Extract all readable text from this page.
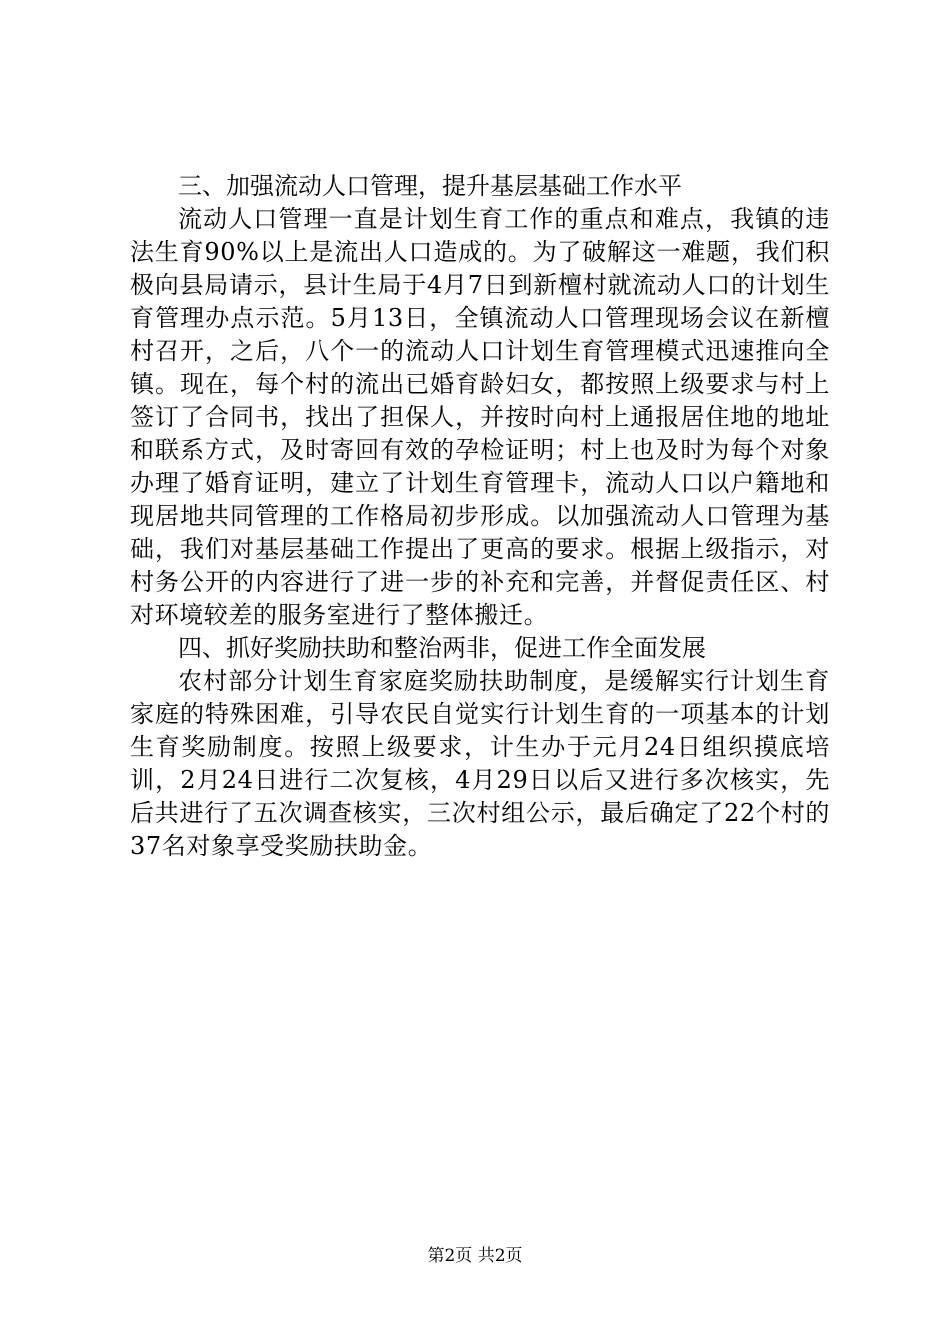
三、加强流动人口管理，提升基层基础工作水平

流动人口管理一直是计划生育工作的重点和难点，我镇的违法生育90%以上是流出人口造成的。为了破解这一难题，我们积极向县局请示，县计生局于4月7日到新檀村就流动人口的计划生育管理办点示范。5月13日，全镇流动人口管理现场会议在新檀村召开，之后，八个一的流动人口计划生育管理模式迅速推向全镇。现在，每个村的流出已婚育龄妇女，都按照上级要求与村上签订了合同书，找出了担保人，并按时向村上通报居住地的地址和联系方式，及时寄回有效的孕检证明；村上也及时为每个对象办理了婚育证明，建立了计划生育管理卡，流动人口以户籍地和现居地共同管理的工作格局初步形成。以加强流动人口管理为基础，我们对基层基础工作提出了更高的要求。根据上级指示，对村务公开的内容进行了进一步的补充和完善，并督促责任区、村对环境较差的服务室进行了整体搬迁。

四、抓好奖励扶助和整治两非，促进工作全面发展

农村部分计划生育家庭奖励扶助制度，是缓解实行计划生育家庭的特殊困难，引导农民自觉实行计划生育的一项基本的计划生育奖励制度。按照上级要求，计生办于元月24日组织摸底培训，2月24日进行二次复核，4月29日以后又进行多次核实，先后共进行了五次调查核实，三次村组公示，最后确定了22个村的37名对象享受奖励扶助金。

第2页 共2页
